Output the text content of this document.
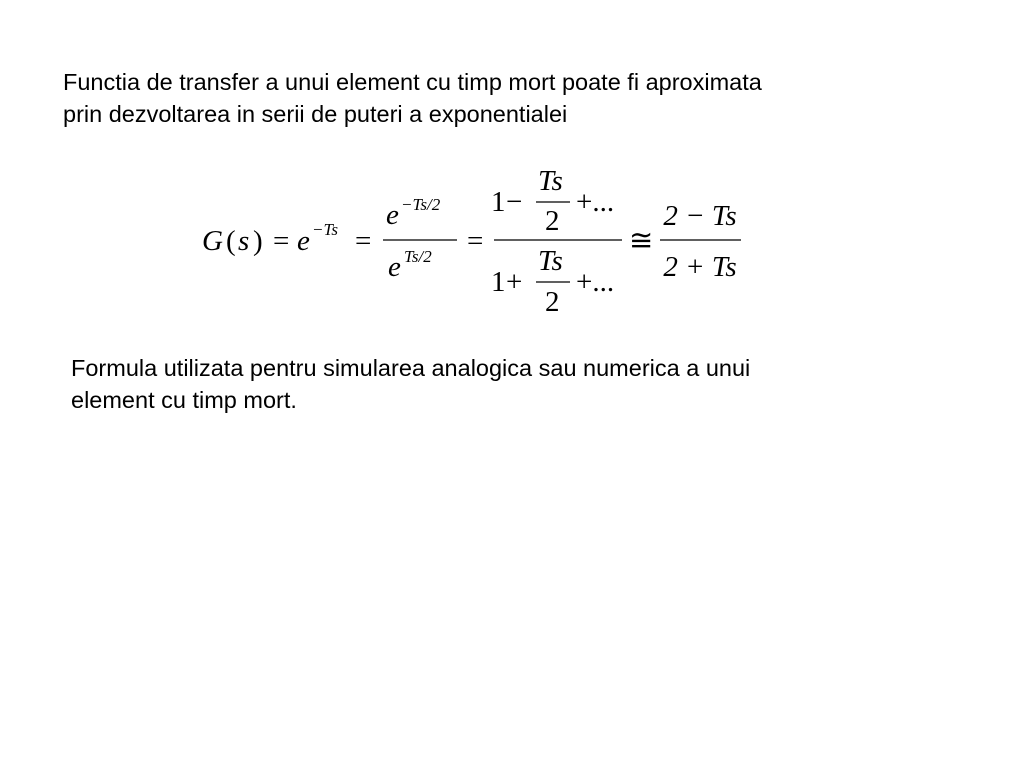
Functia de transfer a unui element cu timp mort poate fi aproximata
prin dezvoltarea in serii de puteri a exponentialei
G ( s ) = e −Ts =
e −Ts/2
e Ts/2 =
1 −
Ts
2
+...
1 +
Ts
2
+...
≅
2 − Ts
2 + Ts
Formula utilizata pentru simularea analogica sau numerica a unui
element cu timp mort.
